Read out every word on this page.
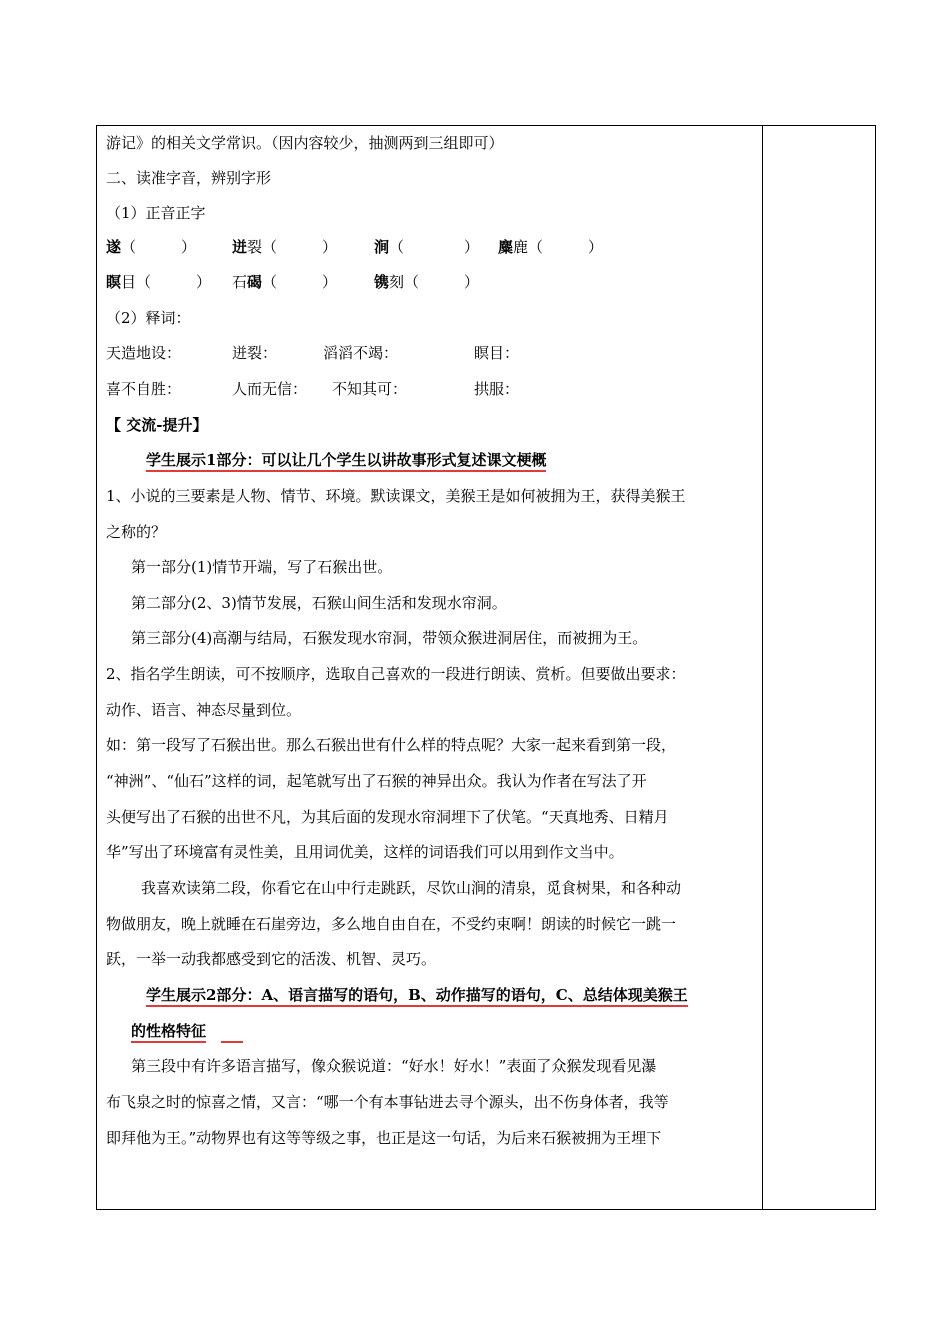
游记》的相关文学常识。（因内容较少，抽测两到三组即可）
二、读准字音，辨别字形
（1）正音正字
遂（　　　） 迸裂（　　　） 涧（　　　　） 麋鹿（　　　）
瞑目（　　　） 石碣（　　　） 镌刻（　　　）
（2）释词：
天造地设：	迸裂：	滔滔不竭：	瞑目：
喜不自胜：	人而无信： 不知其可：	拱服：
【 交流-提升】
学生展示1部分：可以让几个学生以讲故事形式复述课文梗概
1、小说的三要素是人物、情节、环境。默读课文，美猴王是如何被拥为王，获得美猴王
之称的？
第一部分(1)情节开端，写了石猴出世。
第二部分(2、3)情节发展，石猴山间生活和发现水帘洞。
第三部分(4)高潮与结局，石猴发现水帘洞，带领众猴进洞居住，而被拥为王。
2、指名学生朗读，可不按顺序，选取自己喜欢的一段进行朗读、赏析。但要做出要求：
动作、语言、神态尽量到位。
如：第一段写了石猴出世。那么石猴出世有什么样的特点呢？大家一起来看到第一段，
“神洲”、“仙石”这样的词，起笔就写出了石猴的神异出众。我认为作者在写法了开
头便写出了石猴的出世不凡，为其后面的发现水帘洞埋下了伏笔。“天真地秀、日精月
华”写出了环境富有灵性美，且用词优美，这样的词语我们可以用到作文当中。
我喜欢读第二段，你看它在山中行走跳跃，尽饮山涧的清泉，觅食树果，和各种动
物做朋友，晚上就睡在石崖旁边，多么地自由自在，不受约束啊！朗读的时候它一跳一
跃，一举一动我都感受到它的活泼、机智、灵巧。
学生展示2部分：A、语言描写的语句，B、动作描写的语句，C、总结体现美猴王
的性格特征
第三段中有许多语言描写，像众猴说道：“好水！好水！”表面了众猴发现看见瀑
布飞泉之时的惊喜之情，又言：“哪一个有本事钻进去寻个源头，出不伤身体者，我等
即拜他为王。”动物界也有这等等级之事，也正是这一句话，为后来石猴被拥为王埋下
